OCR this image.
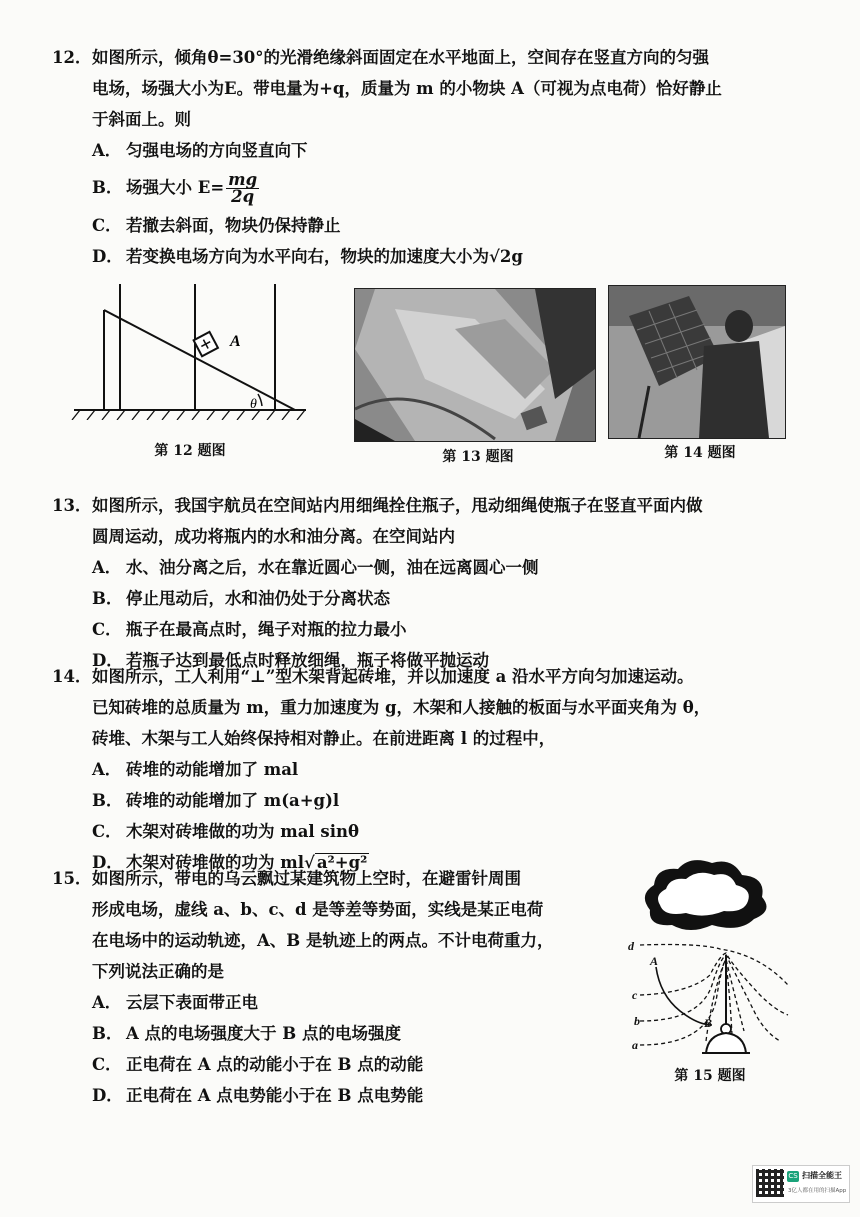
12． 如图所示，倾角θ=30°的光滑绝缘斜面固定在水平地面上，空间存在竖直方向的匀强
电场，场强大小为E。带电量为+q，质量为 m 的小物块 A（可视为点电荷）恰好静止
于斜面上。则
A． 匀强电场的方向竖直向下
B． 场强大小 $E= \frac{mg}{2q}$
C． 若撤去斜面，物块仍保持静止
D． 若变换电场方向为水平向右，物块的加速度大小为√2g
A
θ
第 12 题图	第 13 题图	第 14 题图
13． 如图所示，我国宇航员在空间站内用细绳拴住瓶子，甩动细绳使瓶子在竖直平面内做
圆周运动，成功将瓶内的水和油分离。在空间站内
A． 水、油分离之后，水在靠近圆心一侧，油在远离圆心一侧
B． 停止甩动后，水和油仍处于分离状态
C． 瓶子在最高点时，绳子对瓶的拉力最小
D． 若瓶子达到最低点时释放细绳，瓶子将做平抛运动
14． 如图所示，工人利用“⊥”型木架背起砖堆，并以加速度 a 沿水平方向匀加速运动。
已知砖堆的总质量为 m，重力加速度为 g，木架和人接触的板面与水平面夹角为 θ，
砖堆、木架与工人始终保持相对静止。在前进距离 l 的过程中，
A． 砖堆的动能增加了 mal
B． 砖堆的动能增加了 m(a+g)l
C． 木架对砖堆做的功为 mal sinθ
D． 木架对砖堆做的功为 ml√ a²+g²
15． 如图所示，带电的乌云飘过某建筑物上空时，在避雷针周围
形成电场，虚线 a、b、c、d 是等差等势面，实线是某正电荷
在电场中的运动轨迹，A、B 是轨迹上的两点。不计电荷重力，
下列说法正确的是
A． 云层下表面带正电
B． A 点的电场强度大于 B 点的电场强度
C． 正电荷在 A 点的动能小于在 B 点的动能
D． 正电荷在 A 点电势能小于在 B 点电势能
d
c
b
a
A
B
第 15 题图
CS 扫描全能王
3亿人都在用的扫描App
